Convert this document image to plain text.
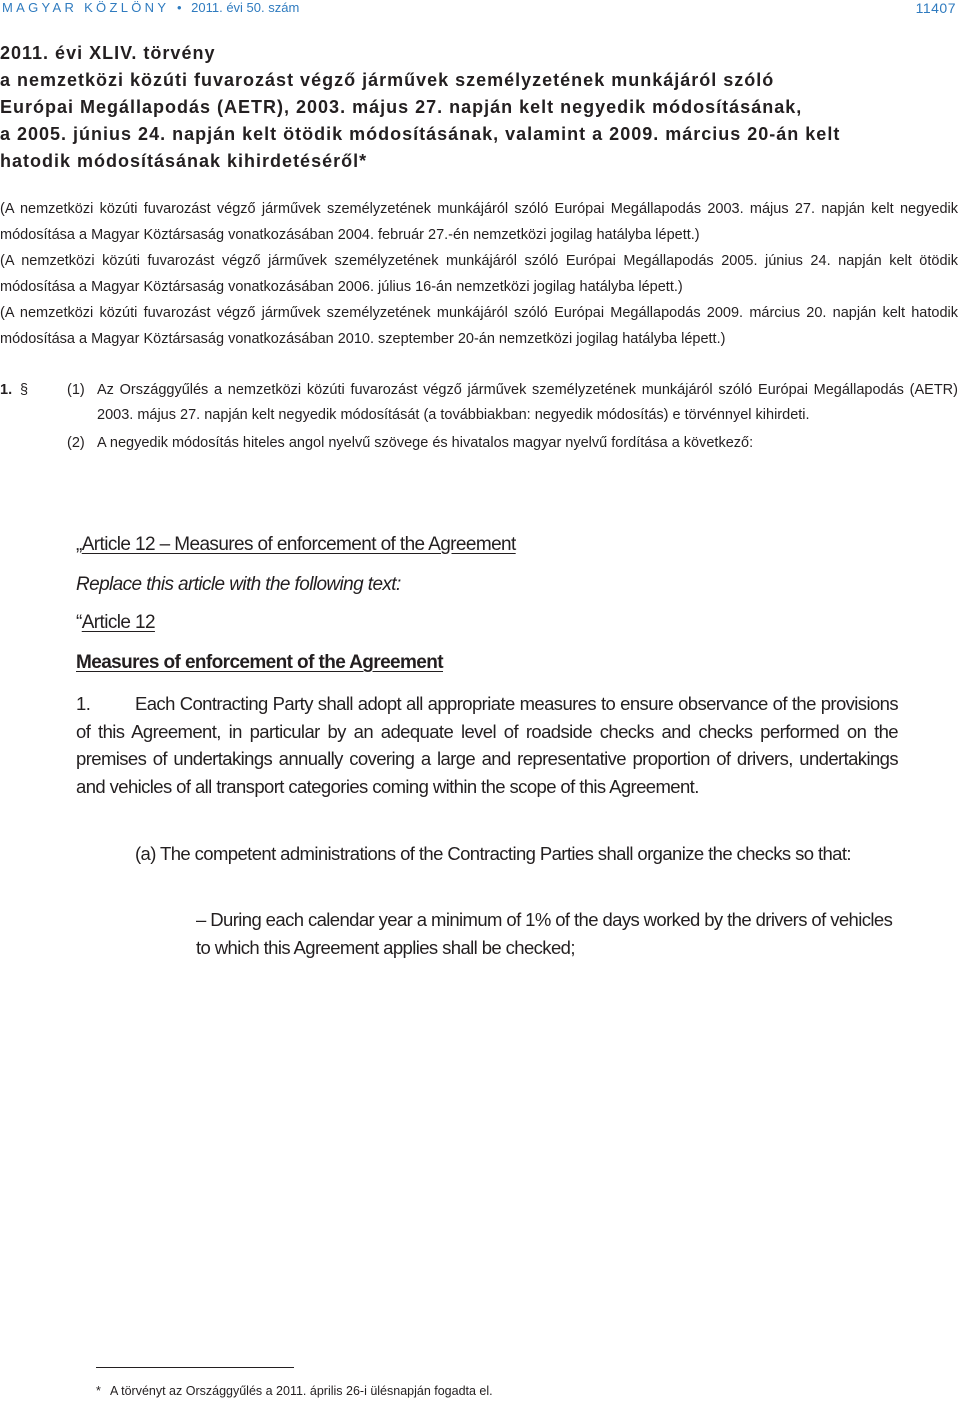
MAGYAR KÖZLÖNY • 2011. évi 50. szám	11407
2011. évi XLIV. törvény
a nemzetközi közúti fuvarozást végző járművek személyzetének munkájáról szóló
Európai Megállapodás (AETR), 2003. május 27. napján kelt negyedik módosításának,
a 2005. június 24. napján kelt ötödik módosításának, valamint a 2009. március 20-án kelt
hatodik módosításának kihirdetéséről*

(A nemzetközi közúti fuvarozást végző járművek személyzetének munkájáról szóló Európai Megállapodás 2003. május 27. napján kelt negyedik módosítása a Magyar Köztársaság vonatkozásában 2004. február 27.-én nemzetközi jogilag hatályba lépett.)

(A nemzetközi közúti fuvarozást végző járművek személyzetének munkájáról szóló Európai Megállapodás 2005. június 24. napján kelt ötödik módosítása a Magyar Köztársaság vonatkozásában 2006. július 16-án nemzetközi jogilag hatályba lépett.)

(A nemzetközi közúti fuvarozást végző járművek személyzetének munkájáról szóló Európai Megállapodás 2009. március 20. napján kelt hatodik módosítása a Magyar Köztársaság vonatkozásában 2010. szeptember 20-án nemzetközi jogilag hatályba lépett.)

1. §	(1) Az Országgyűlés a nemzetközi közúti fuvarozást végző járművek személyzetének munkájáról szóló Európai Megállapodás (AETR) 2003. május 27. napján kelt negyedik módosítását (a továbbiakban: negyedik módosítás) e törvénnyel kihirdeti.

(2) A negyedik módosítás hiteles angol nyelvű szövege és hivatalos magyar nyelvű fordítása a következő:

„Article 12 – Measures of enforcement of the Agreement
Replace this article with the following text:
“Article 12
Measures of enforcement of the Agreement

1. Each Contracting Party shall adopt all appropriate measures to ensure observance of the provisions of this Agreement, in particular by an adequate level of roadside checks and checks performed on the premises of undertakings annually covering a large and representative proportion of drivers, undertakings and vehicles of all transport categories coming within the scope of this Agreement.

(a) The competent administrations of the Contracting Parties shall organize the checks so that:

– During each calendar year a minimum of 1% of the days worked by the drivers of vehicles to which this Agreement applies shall be checked;

* A törvényt az Országgyűlés a 2011. április 26-i ülésnapján fogadta el.
